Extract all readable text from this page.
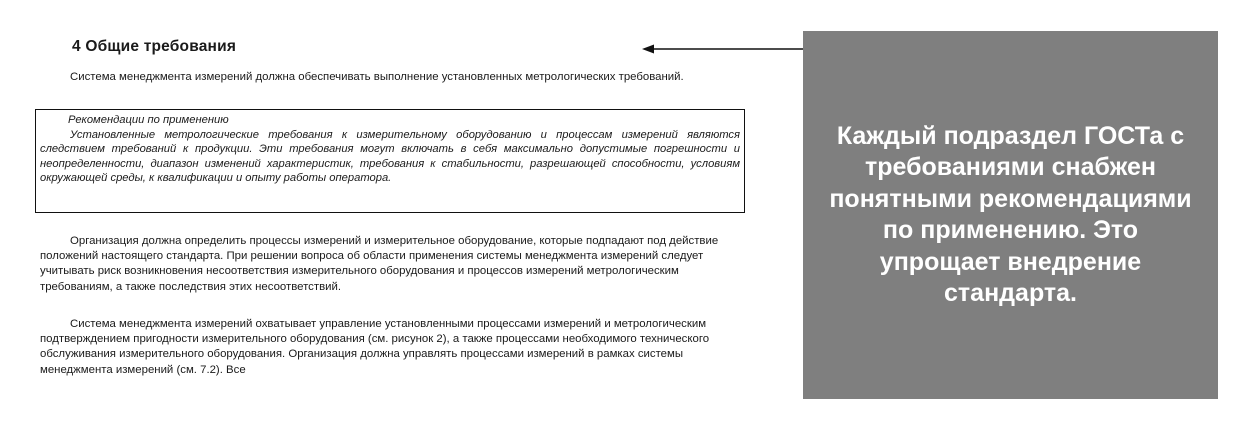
4 Общие требования
Система менеджмента измерений должна обеспечивать выполнение установленных метрологических требований.
Рекомендации по применению
Установленные метрологические требования к измерительному оборудованию и процессам измерений являются следствием требований к продукции. Эти требования могут включать в себя максимально допустимые погрешности и неопределенности, диапазон изменений характеристик, требования к стабильности, разрешающей способности, условиям окружающей среды, к квалификации и опыту работы оператора.
Организация должна определить процессы измерений и измерительное оборудование, которые подпадают под действие положений настоящего стандарта. При решении вопроса об области применения системы менеджмента измерений следует учитывать риск возникновения несоответствия измерительного оборудования и процессов измерений метрологическим требованиям, а также последствия этих несоответствий.
Система менеджмента измерений охватывает управление установленными процессами измерений и метрологическим подтверждением пригодности измерительного оборудования (см. рисунок 2), а также процессами необходимого технического обслуживания измерительного оборудования. Организация должна управлять процессами измерений в рамках системы менеджмента измерений (см. 7.2). Все
Каждый подраздел ГОСТа с требованиями снабжен понятными рекомендациями по применению. Это упрощает внедрение стандарта.
